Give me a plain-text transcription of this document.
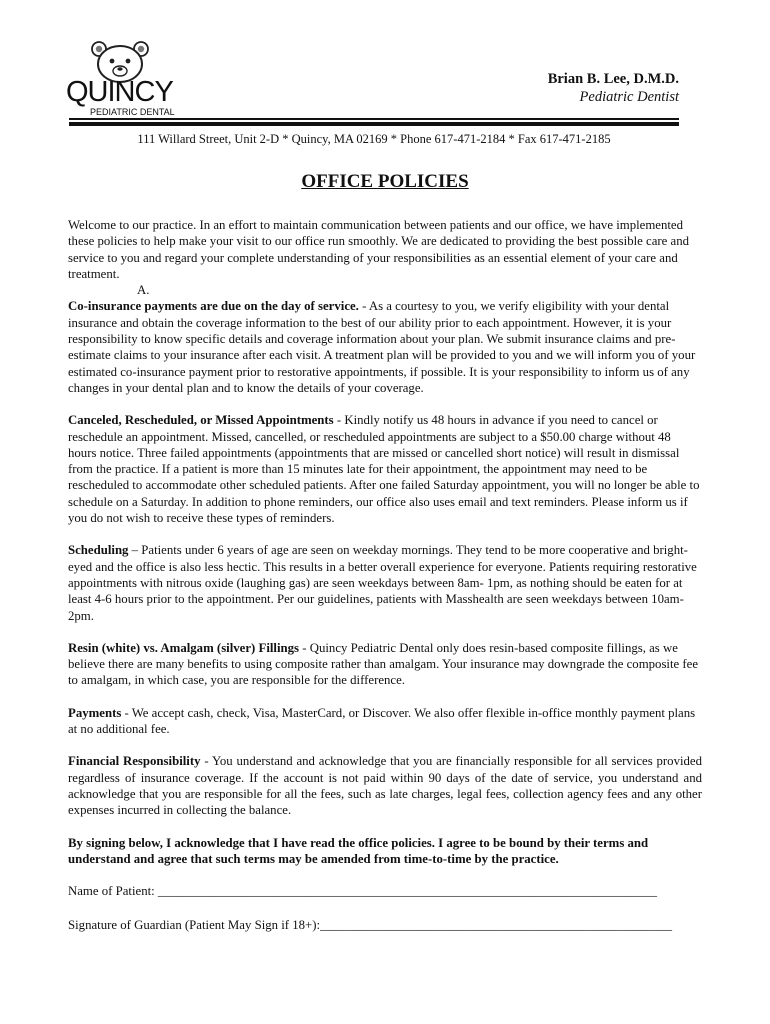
QUINCY
PEDIATRIC DENTAL
Brian B. Lee, D.M.D.
Pediatric Dentist
111 Willard Street, Unit 2-D * Quincy, MA 02169 * Phone 617-471-2184 * Fax 617-471-2185
OFFICE POLICIES

Welcome to our practice. In an effort to maintain communication between patients and our office, we have implemented these policies to help make your visit to our office run smoothly. We are dedicated to providing the best possible care and service to you and regard your complete understanding of your responsibilities as an essential element of your care and treatment.

A.

Co-insurance payments are due on the day of service. - As a courtesy to you, we verify eligibility with your dental insurance and obtain the coverage information to the best of our ability prior to each appointment. However, it is your responsibility to know specific details and coverage information about your plan. We submit insurance claims and pre-estimate claims to your insurance after each visit. A treatment plan will be provided to you and we will inform you of your estimated co-insurance payment prior to restorative appointments, if possible. It is your responsibility to inform us of any changes in your dental plan and to know the details of your coverage.

Canceled, Rescheduled, or Missed Appointments - Kindly notify us 48 hours in advance if you need to cancel or reschedule an appointment. Missed, cancelled, or rescheduled appointments are subject to a $50.00 charge without 48 hours notice. Three failed appointments (appointments that are missed or cancelled short notice) will result in dismissal from the practice. If a patient is more than 15 minutes late for their appointment, the appointment may need to be rescheduled to accommodate other scheduled patients. After one failed Saturday appointment, you will no longer be able to schedule on a Saturday. In addition to phone reminders, our office also uses email and text reminders. Please inform us if you do not wish to receive these types of reminders.

Scheduling – Patients under 6 years of age are seen on weekday mornings. They tend to be more cooperative and bright-eyed and the office is also less hectic. This results in a better overall experience for everyone. Patients requiring restorative appointments with nitrous oxide (laughing gas) are seen weekdays between 8am- 1pm, as nothing should be eaten for at least 4-6 hours prior to the appointment. Per our guidelines, patients with Masshealth are seen weekdays between 10am-2pm.

Resin (white) vs. Amalgam (silver) Fillings - Quincy Pediatric Dental only does resin-based composite fillings, as we believe there are many benefits to using composite rather than amalgam. Your insurance may downgrade the composite fee to amalgam, in which case, you are responsible for the difference.

Payments - We accept cash, check, Visa, MasterCard, or Discover. We also offer flexible in-office monthly payment plans at no additional fee.

Financial Responsibility - You understand and acknowledge that you are financially responsible for all services provided regardless of insurance coverage. If the account is not paid within 90 days of the date of service, you understand and acknowledge that you are responsible for all the fees, such as late charges, legal fees, collection agency fees and any other expenses incurred in collecting the balance.

By signing below, I acknowledge that I have read the office policies. I agree to be bound by their terms and understand and agree that such terms may be amended from time-to-time by the practice.

Name of Patient: ______________________________________________________________________________

Signature of Guardian (Patient May Sign if 18+):_______________________________________________________
